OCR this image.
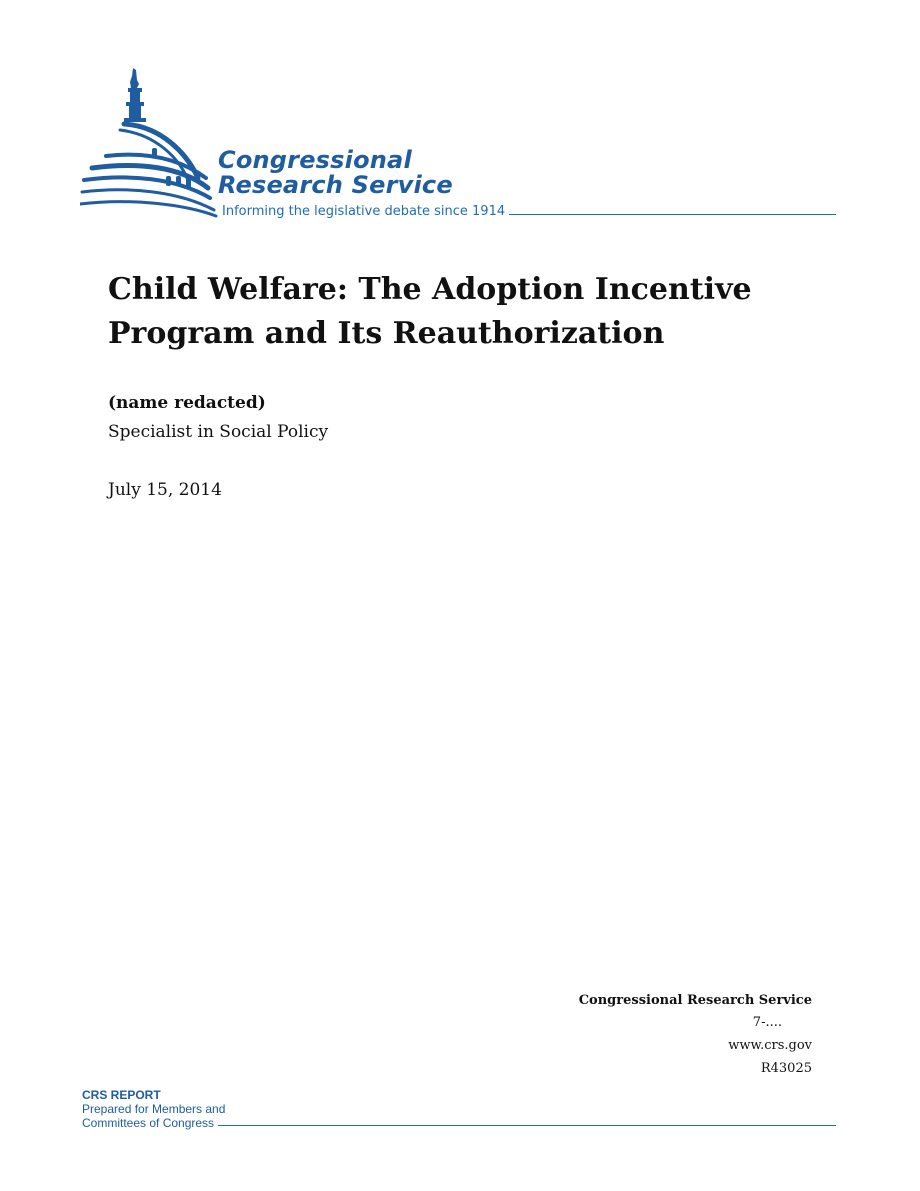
Congressional
Research Service
Informing the legislative debate since 1914
Child Welfare: The Adoption Incentive Program and Its Reauthorization
(name redacted)
Specialist in Social Policy
July 15, 2014
Congressional Research Service
7-....
www.crs.gov
R43025
CRS REPORT
Prepared for Members and
Committees of Congress
